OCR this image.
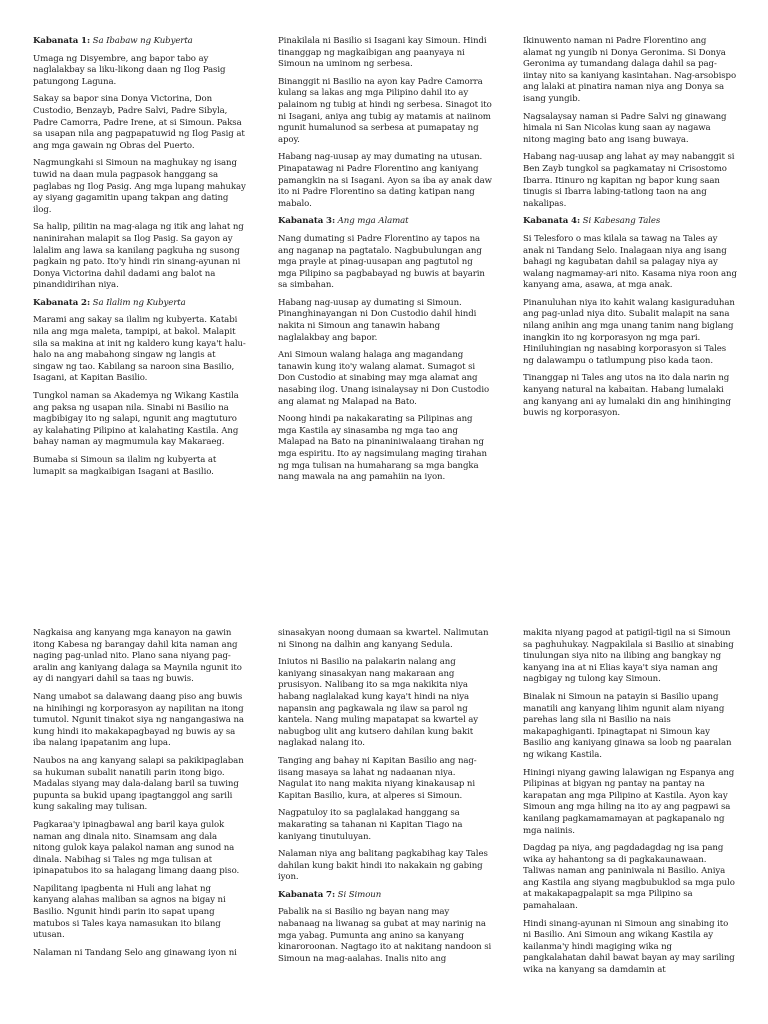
Kabanata 1: Sa Ibabaw ng Kubyerta

Umaga ng Disyembre, ang bapor tabo ay naglalakbay sa liku-likong daan ng Ilog Pasig patungong Laguna.

Sakay sa bapor sina Donya Victorina, Don Custodio, Benzayb, Padre Salvi, Padre Sibyla, Padre Camorra, Padre Irene, at si Simoun. Paksa sa usapan nila ang pagpapatuwid ng Ilog Pasig at ang mga gawain ng Obras del Puerto.

Nagmungkahi si Simoun na maghukay ng isang tuwid na daan mula pagpasok hanggang sa paglabas ng Ilog Pasig. Ang mga lupang mahukay ay siyang gagamitin upang takpan ang dating ilog.

Sa halip, pilitin na mag-alaga ng itik ang lahat ng naninirahan malapit sa Ilog Pasig. Sa gayon ay lalalim ang lawa sa kanilang pagkuha ng susong pagkain ng pato. Ito'y hindi rin sinang-ayunan ni Donya Victorina dahil dadami ang balot na pinandidirihan niya.

Kabanata 2: Sa Ilalim ng Kubyerta

Marami ang sakay sa ilalim ng kubyerta. Katabi nila ang mga maleta, tampipi, at bakol. Malapit sila sa makina at init ng kaldero kung kaya't halu-halo na ang mabahong singaw ng langis at singaw ng tao. Kabilang sa naroon sina Basilio, Isagani, at Kapitan Basilio.

Tungkol naman sa Akademya ng Wikang Kastila ang paksa ng usapan nila. Sinabi ni Basilio na magbibigay ito ng salapi, ngunit ang magtuturo ay kalahating Pilipino at kalahating Kastila. Ang bahay naman ay magmumula kay Makaraeg.

Bumaba si Simoun sa ilalim ng kubyerta at lumapit sa magkaibigan Isagani at Basilio.

Pinakilala ni Basilio si Isagani kay Simoun. Hindi tinanggap ng magkaibigan ang paanyaya ni Simoun na uminom ng serbesa.

Binanggit ni Basilio na ayon kay Padre Camorra kulang sa lakas ang mga Pilipino dahil ito ay palainom ng tubig at hindi ng serbesa. Sinagot ito ni Isagani, aniya ang tubig ay matamis at naiinom ngunit humalunod sa serbesa at pumapatay ng apoy.

Habang nag-uusap ay may dumating na utusan. Pinapatawag ni Padre Florentino ang kaniyang pamangkin na si Isagani. Ayon sa iba ay anak daw ito ni Padre Florentino sa dating katipan nang mabalo.

Kabanata 3: Ang mga Alamat

Nang dumating si Padre Florentino ay tapos na ang naganap na pagtatalo. Nagbubulungan ang mga prayle at pinag-uusapan ang pagtutol ng mga Pilipino sa pagbabayad ng buwis at bayarin sa simbahan.

Habang nag-uusap ay dumating si Simoun. Pinanghinayangan ni Don Custodio dahil hindi nakita ni Simoun ang tanawin habang naglalakbay ang bapor.

Ani Simoun walang halaga ang magandang tanawin kung ito'y walang alamat. Sumagot si Don Custodio at sinabing may mga alamat ang nasabing ilog. Unang isinalaysay ni Don Custodio ang alamat ng Malapad na Bato.

Noong hindi pa nakakarating sa Pilipinas ang mga Kastila ay sinasamba ng mga tao ang Malapad na Bato na pinaniniwalaang tirahan ng mga espiritu. Ito ay nagsimulang maging tirahan ng mga tulisan na humaharang sa mga bangka nang mawala na ang pamahiin na iyon.

Ikinuwento naman ni Padre Florentino ang alamat ng yungib ni Donya Geronima. Si Donya Geronima ay tumandang dalaga dahil sa pag-iintay nito sa kaniyang kasintahan. Nag-arsobispo ang lalaki at pinatira naman niya ang Donya sa isang yungib.

Nagsalaysay naman si Padre Salvi ng ginawang himala ni San Nicolas kung saan ay nagawa nitong maging bato ang isang buwaya.

Habang nag-uusap ang lahat ay may nabanggit si Ben Zayb tungkol sa pagkamatay ni Crisostomo Ibarra. Itinuro ng kapitan ng bapor kung saan tinugis si Ibarra labing-tatlong taon na ang nakalipas.

Kabanata 4: Si Kabesang Tales

Si Telesforo o mas kilala sa tawag na Tales ay anak ni Tandang Selo. Inalagaan niya ang isang bahagi ng kagubatan dahil sa palagay niya ay walang nagmamay-ari nito. Kasama niya roon ang kanyang ama, asawa, at mga anak.

Pinanuluhan niya ito kahit walang kasiguraduhan ang pag-unlad niya dito. Subalit malapit na sana nilang anihin ang mga unang tanim nang biglang inangkin ito ng korporasyon ng mga pari. Hiniluhingian ng nasabing korporasyon si Tales ng dalawampu o tatlumpung piso kada taon.

Tinanggap ni Tales ang utos na ito dala narin ng kanyang natural na kabaitan. Habang lumalaki ang kanyang ani ay lumalaki din ang hinihinging buwis ng korporasyon.

Nagkaisa ang kanyang mga kanayon na gawin itong Kabesa ng barangay dahil kita naman ang naging pag-unlad nito. Plano sana niyang pag-aralin ang kaniyang dalaga sa Maynila ngunit ito ay di nangyari dahil sa taas ng buwis.

Nang umabot sa dalawang daang piso ang buwis na hinihingi ng korporasyon ay napilitan na itong tumutol. Ngunit tinakot siya ng nangangasiwa na kung hindi ito makakapagbayad ng buwis ay sa iba nalang ipapatanim ang lupa.

Naubos na ang kanyang salapi sa pakikipaglaban sa hukuman subalit nanatili parin itong bigo. Madalas siyang may dala-dalang baril sa tuwing pupunta sa bukid upang ipagtanggol ang sarili kung sakaling may tulisan.

Pagkaraa'y ipinagbawal ang baril kaya gulok naman ang dinala nito. Sinamsam ang dala nitong gulok kaya palakol naman ang sunod na dinala. Nabihag si Tales ng mga tulisan at ipinapatubos ito sa halagang limang daang piso.

Napilitang ipagbenta ni Huli ang lahat ng kanyang alahas maliban sa agnos na bigay ni Basilio. Ngunit hindi parin ito sapat upang matubos si Tales kaya namasukan ito bilang utusan.

Nalaman ni Tandang Selo ang ginawang iyon ni

sinasakyan noong dumaan sa kwartel. Nalimutan ni Sinong na dalhin ang kanyang Sedula.

Iniutos ni Basilio na palakarin nalang ang kaniyang sinasakyan nang makaraan ang prusisyon. Nalibang ito sa mga nakikita niya habang naglalakad kung kaya't hindi na niya napansin ang pagkawala ng ilaw sa parol ng kantela. Nang muling mapatapat sa kwartel ay nabugbog ulit ang kutsero dahilan kung bakit naglakad nalang ito.

Tanging ang bahay ni Kapitan Basilio ang nag-iisang masaya sa lahat ng nadaanan niya. Nagulat ito nang makita niyang kinakausap ni Kapitan Basilio, kura, at alperes si Simoun.

Nagpatuloy ito sa paglalakad hanggang sa makarating sa tahanan ni Kapitan Tiago na kaniyang tinutuluyan.

Nalaman niya ang balitang pagkabihag kay Tales dahilan kung bakit hindi ito nakakain ng gabing iyon.

Kabanata 7: Si Simoun

Pabalik na si Basilio ng bayan nang may nabanaag na liwanag sa gubat at may narinig na mga yabag. Pumunta ang anino sa kanyang kinaroroonan. Nagtago ito at nakitang nandoon si Simoun na mag-aalahas. Inalis nito ang

makita niyang pagod at patigil-tigil na si Simoun sa paghuhukay. Nagpakilala si Basilio at sinabing tinulungan siya nito na ilibing ang bangkay ng kanyang ina at ni Elias kaya't siya naman ang nagbigay ng tulong kay Simoun.

Binalak ni Simoun na patayin si Basilio upang manatili ang kanyang lihim ngunit alam niyang parehas lang sila ni Basilio na nais makapaghiganti. Ipinagtapat ni Simoun kay Basilio ang kaniyang ginawa sa loob ng paaralan ng wikang Kastila.

Hiningi niyang gawing lalawigan ng Espanya ang Pilipinas at bigyan ng pantay na pantay na karapatan ang mga Pilipino at Kastila. Ayon kay Simoun ang mga hiling na ito ay ang pagpawi sa kanilang pagkamamamayan at pagkapanalo ng mga naiinis.

Dagdag pa niya, ang pagdadagdag ng isa pang wika ay hahantong sa di pagkakaunawaan. Taliwas naman ang paniniwala ni Basilio. Aniya ang Kastila ang siyang magbubuklod sa mga pulo at makakapagpalapit sa mga Pilipino sa pamahalaan.

Hindi sinang-ayunan ni Simoun ang sinabing ito ni Basilio. Ani Simoun ang wikang Kastila ay kailanma'y hindi magiging wika ng pangkalahatan dahil bawat bayan ay may sariling wika na kanyang sa damdamin at
